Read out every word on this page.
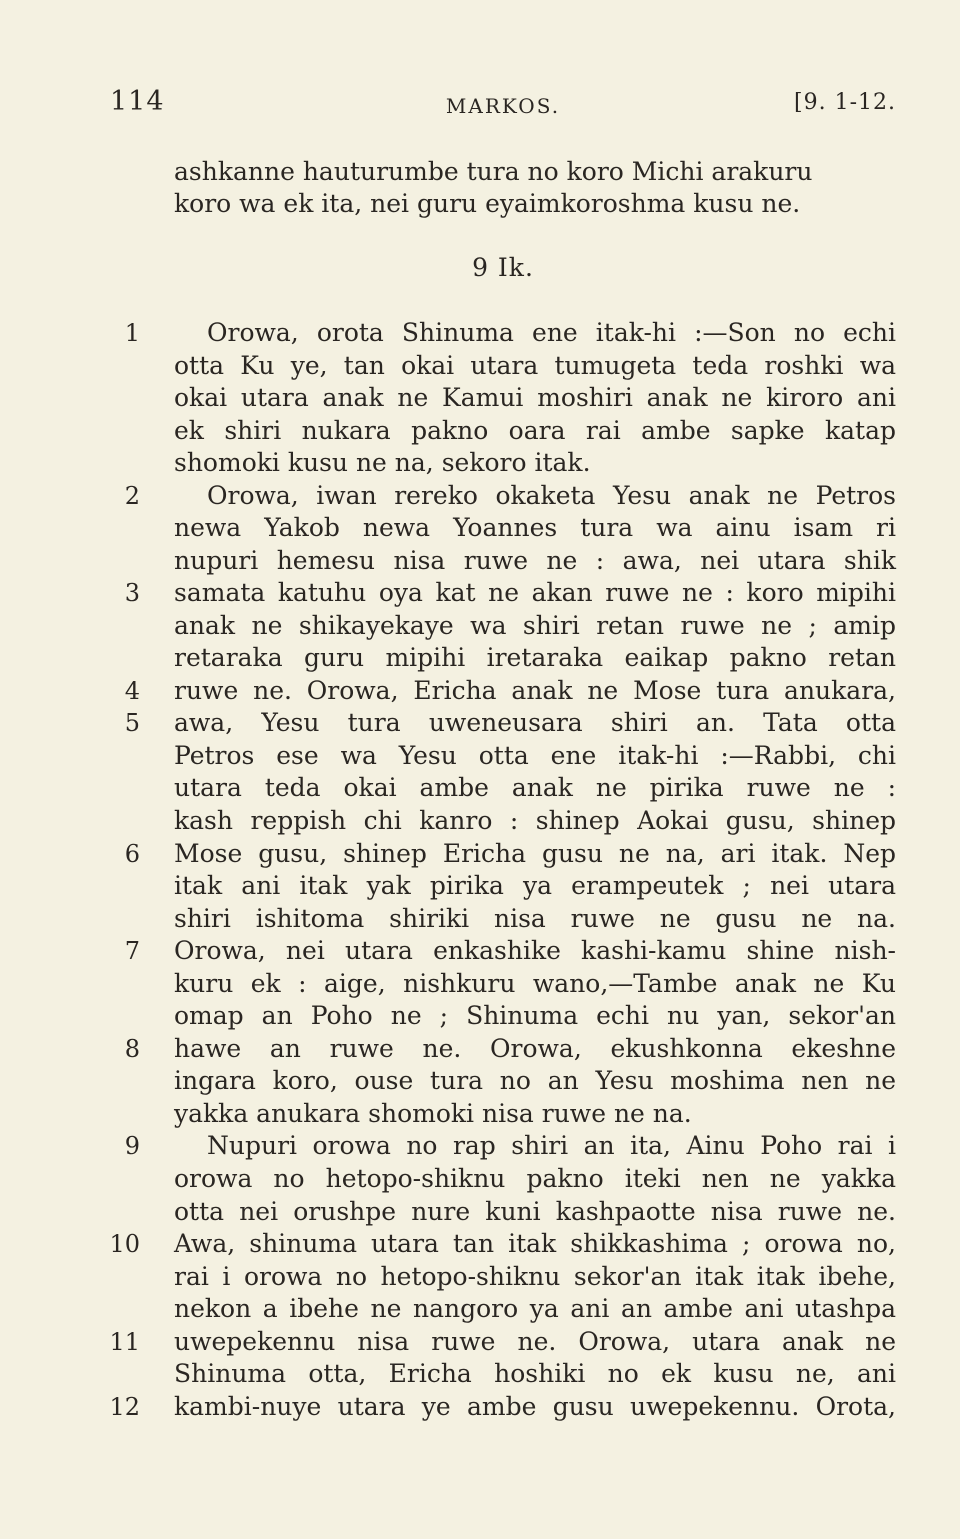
114	MARKOS.	[9. 1-12.
ashkanne hauturumbe tura no koro Michi arakuru
koro wa ek ita, nei guru eyaimkoroshma kusu ne.
9 Ik.
1	Orowa, orota Shinuma ene itak-hi :—Son no echi
otta Ku ye, tan okai utara tumugeta teda roshki wa
okai utara anak ne Kamui moshiri anak ne kiroro ani
ek shiri nukara pakno oara rai ambe sapke katap
shomoki kusu ne na, sekoro itak.
2	Orowa, iwan rereko okaketa Yesu anak ne Petros
newa Yakob newa Yoannes tura wa ainu isam ri
nupuri hemesu nisa ruwe ne : awa, nei utara shik
3 samata katuhu oya kat ne akan ruwe ne : koro mipihi
anak ne shikayekaye wa shiri retan ruwe ne ; amip
retaraka guru mipihi iretaraka eaikap pakno retan
4 ruwe ne. Orowa, Ericha anak ne Mose tura anukara,
5 awa, Yesu tura uweneusara shiri an. Tata otta
Petros ese wa Yesu otta ene itak-hi :—Rabbi, chi
utara teda okai ambe anak ne pirika ruwe ne :
kash reppish chi kanro : shinep Aokai gusu, shinep
6 Mose gusu, shinep Ericha gusu ne na, ari itak. Nep
itak ani itak yak pirika ya erampeutek ; nei utara
shiri ishitoma shiriki nisa ruwe ne gusu ne na.
7 Orowa, nei utara enkashike kashi-kamu shine nish-
kuru ek : aige, nishkuru wano,—Tambe anak ne Ku
omap an Poho ne ; Shinuma echi nu yan, sekor'an
8 hawe an ruwe ne. Orowa, ekushkonna ekeshne
ingara koro, ouse tura no an Yesu moshima nen ne
yakka anukara shomoki nisa ruwe ne na.
9	Nupuri orowa no rap shiri an ita, Ainu Poho rai i
orowa no hetopo-shiknu pakno iteki nen ne yakka
otta nei orushpe nure kuni kashpaotte nisa ruwe ne.
10 Awa, shinuma utara tan itak shikkashima ; orowa no,
rai i orowa no hetopo-shiknu sekor'an itak itak ibehe,
nekon a ibehe ne nangoro ya ani an ambe ani utashpa
11 uwepekennu nisa ruwe ne. Orowa, utara anak ne
Shinuma otta, Ericha hoshiki no ek kusu ne, ani
12 kambi-nuye utara ye ambe gusu uwepekennu. Orota,
